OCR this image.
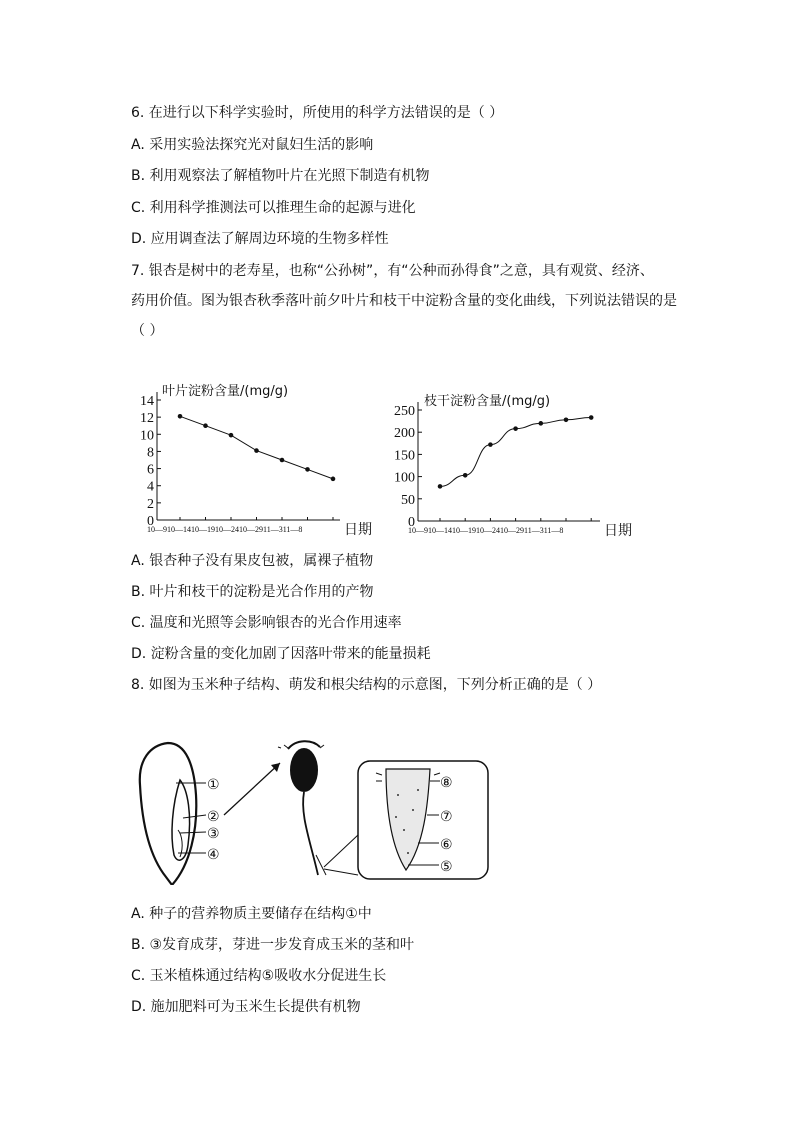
6. 在进行以下科学实验时，所使用的科学方法错误的是（ ）
A. 采用实验法探究光对鼠妇生活的影响
B. 利用观察法了解植物叶片在光照下制造有机物
C. 利用科学推测法可以推理生命的起源与进化
D. 应用调查法了解周边环境的生物多样性
7. 银杏是树中的老寿星，也称“公孙树”，有“公种而孙得食”之意，具有观赏、经济、
药用价值。图为银杏秋季落叶前夕叶片和枝干中淀粉含量的变化曲线，下列说法错误的是
（ ）
叶片淀粉含量/(mg/g)
0
2
4
6
8
10
12
14
10—910—1410—1910—2410—2911—311—8	日期
枝干淀粉含量/(mg/g)
0
50
100
150
200
250
10—910—1410—1910—2410—2911—311—8	日期
A. 银杏种子没有果皮包被，属裸子植物
B. 叶片和枝干的淀粉是光合作用的产物
C. 温度和光照等会影响银杏的光合作用速率
D. 淀粉含量的变化加剧了因落叶带来的能量损耗
8. 如图为玉米种子结构、萌发和根尖结构的示意图，下列分析正确的是（ ）
①
②
③
④
⑧
⑦
⑥
⑤
A. 种子的营养物质主要储存在结构①中
B. ③发育成芽，芽进一步发育成玉米的茎和叶
C. 玉米植株通过结构⑤吸收水分促进生长
D. 施加肥料可为玉米生长提供有机物
